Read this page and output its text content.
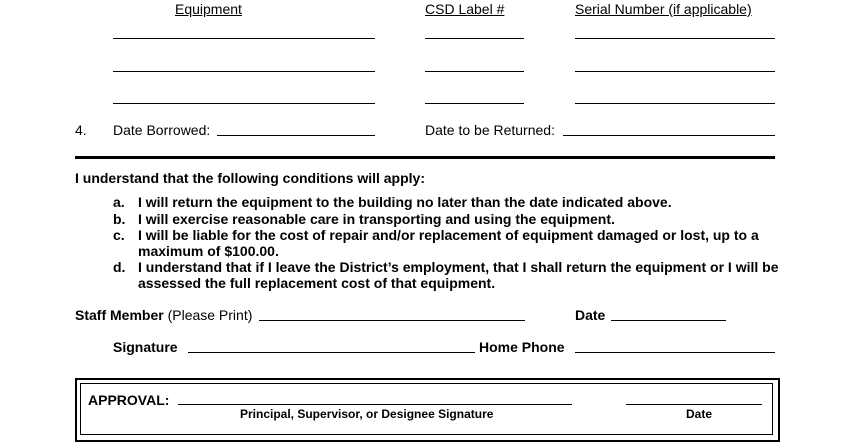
Equipment	CSD Label #	Serial Number (if applicable)
4. Date Borrowed:	Date to be Returned:
I understand that the following conditions will apply:
a. I will return the equipment to the building no later than the date indicated above.
b. I will exercise reasonable care in transporting and using the equipment.
c. I will be liable for the cost of repair and/or replacement of equipment damaged or lost, up to a
maximum of $100.00.
d. I understand that if I leave the District’s employment, that I shall return the equipment or I will be
assessed the full replacement cost of that equipment.
Staff Member (Please Print)	Date
Signature	Home Phone
APPROVAL:
Principal, Supervisor, or Designee Signature	Date
